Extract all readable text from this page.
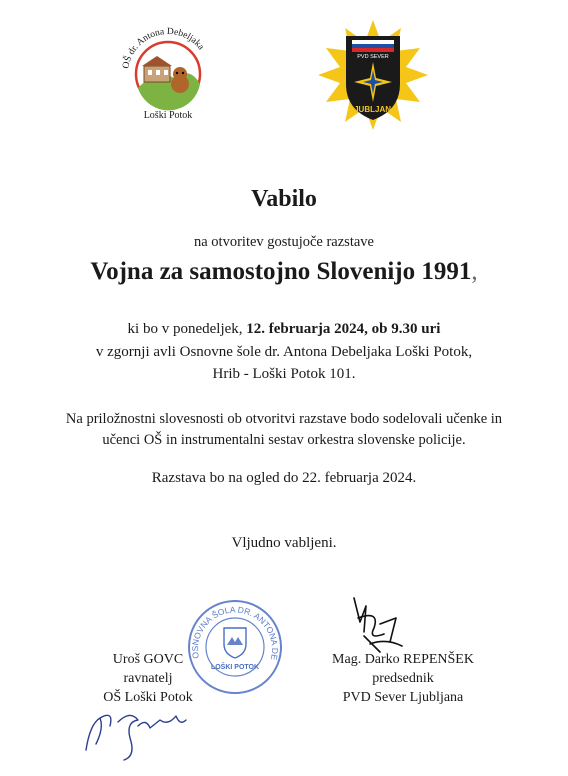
OŠ dr. Antona Debeljaka
Loški Potok
PVD SEVER
LJUBLJANA
Vabilo
na otvoritev gostujoče razstave
Vojna za samostojno Slovenijo 1991,
ki bo v ponedeljek, 12. februarja 2024, ob 9.30 uri
v zgornji avli Osnovne šole dr. Antona Debeljaka Loški Potok,
Hrib - Loški Potok 101.
Na priložnostni slovesnosti ob otvoritvi razstave bodo sodelovali učenke in
učenci OŠ in instrumentalni sestav orkestra slovenske policije.
Razstava bo na ogled do 22. februarja 2024.
Vljudno vabljeni.
OSNOVNA ŠOLA DR. ANTONA DE
LOŠKI POTOK
Uroš GOVC
ravnatelj
OŠ Loški Potok
Mag. Darko REPENŠEK
predsednik
PVD Sever Ljubljana
